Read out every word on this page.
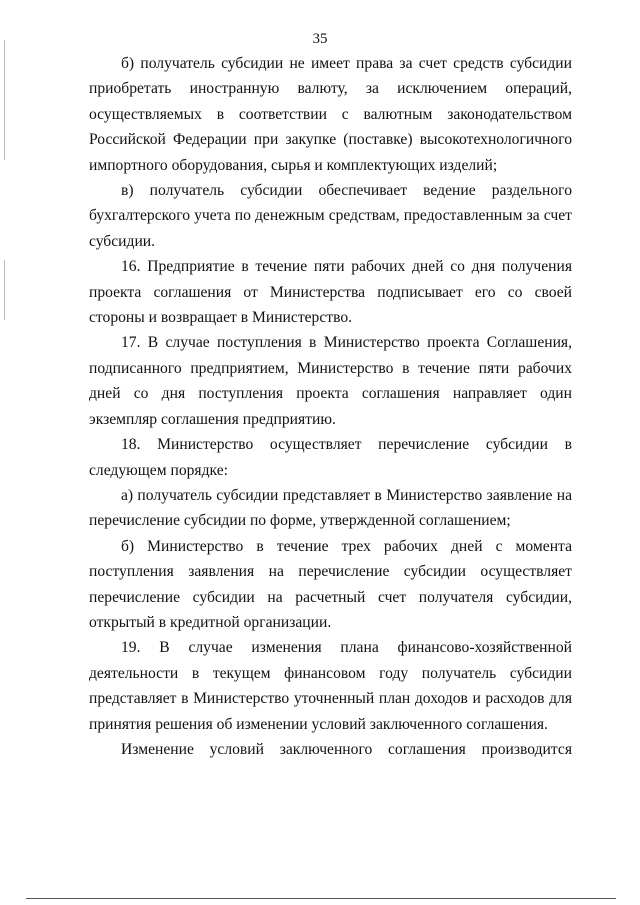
35

б) получатель субсидии не имеет права за счет средств субсидии приобретать иностранную валюту, за исключением операций, осуществляемых в соответствии с валютным законодательством Российской Федерации при закупке (поставке) высокотехнологичного импортного оборудования, сырья и комплектующих изделий;

в) получатель субсидии обеспечивает ведение раздельного бухгалтерского учета по денежным средствам, предоставленным за счет субсидии.

16. Предприятие в течение пяти рабочих дней со дня получения проекта соглашения от Министерства подписывает его со своей стороны и возвращает в Министерство.

17. В случае поступления в Министерство проекта Соглашения, подписанного предприятием, Министерство в течение пяти рабочих дней со дня поступления проекта соглашения направляет один экземпляр соглашения предприятию.

18. Министерство осуществляет перечисление субсидии в следующем порядке:

а) получатель субсидии представляет в Министерство заявление на перечисление субсидии по форме, утвержденной соглашением;

б) Министерство в течение трех рабочих дней с момента поступления заявления на перечисление субсидии осуществляет перечисление субсидии на расчетный счет получателя субсидии, открытый в кредитной организации.

19. В случае изменения плана финансово-хозяйственной деятельности в текущем финансовом году получатель субсидии представляет в Министерство уточненный план доходов и расходов для принятия решения об изменении условий заключенного соглашения.

Изменение условий заключенного соглашения производится
